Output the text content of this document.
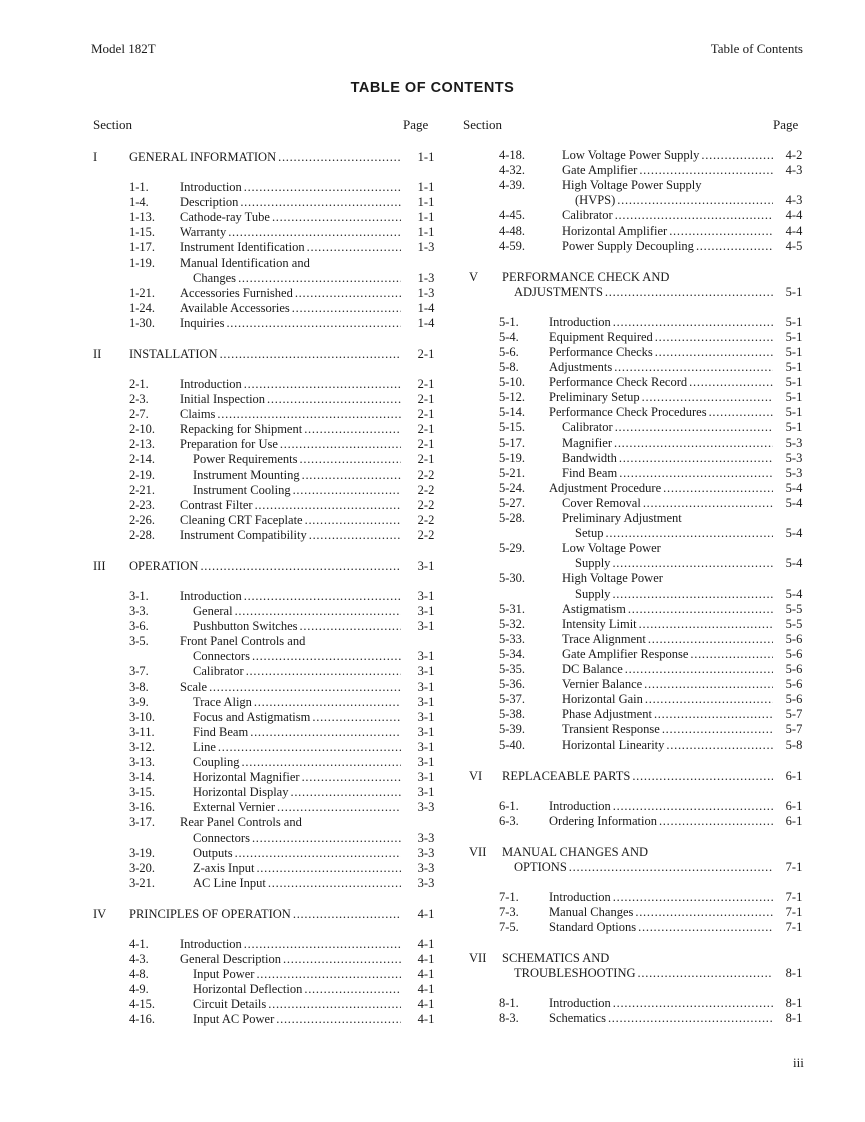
Model 182T	Table of Contents
TABLE OF CONTENTS
Section	Page	Section	Page
I	GENERAL INFORMATION . . .	1-1
1-1. Introduction . . .	1-1
1-4. Description . . .	1-1
1-13. Cathode-ray Tube . . .	1-1
1-15. Warranty . . .	1-1
1-17. Instrument Identification . . .	1-3
1-19. Manual Identification and
Changes . . .	1-3
1-21. Accessories Furnished . . .	1-3
1-24. Available Accessories . . .	1-4
1-30. Inquiries . . .	1-4
II INSTALLATION . . .	2-1
2-1. Introduction . . .	2-1
2-3. Initial Inspection . . .	2-1
2-7. Claims . . .	2-1
2-10. Repacking for Shipment . . .	2-1
2-13. Preparation for Use . . .	2-1
2-14.	Power Requirements . . .	2-1
2-19.	Instrument Mounting . . .	2-2
2-21.	Instrument Cooling . . .	2-2
2-23. Contrast Filter . . .	2-2
2-26. Cleaning CRT Faceplate . . .	2-2
2-28. Instrument Compatibility . . .	2-2
III OPERATION . . .	3-1
3-1. Introduction . . .	3-1
3-3.	General . . .	3-1
3-6.	Pushbutton Switches . . .	3-1
3-5. Front Panel Controls and
Connectors . . .	3-1
3-7.	Calibrator . . .	3-1
3-8. Scale . . .	3-1
3-9.	Trace Align . . .	3-1
3-10.	Focus and Astigmatism . . .	3-1
3-11.	Find Beam . . .	3-1
3-12.	Line . . .	3-1
3-13.	Coupling . . .	3-1
3-14.	Horizontal Magnifier . . .	3-1
3-15.	Horizontal Display . . .	3-1
3-16.	External Vernier . . .	3-3
3-17. Rear Panel Controls and
Connectors . . .	3-3
3-19.	Outputs . . .	3-3
3-20.	Z-axis Input . . .	3-3
3-21.	AC Line Input . . .	3-3
IV PRINCIPLES OF OPERATION . . .	4-1
4-1. Introduction . . .	4-1
4-3. General Description . . .	4-1
4-8.	Input Power . . .	4-1
4-9.	Horizontal Deflection . . .	4-1
4-15.	Circuit Details . . .	4-1
4-16.	Input AC Power . . .	4-1
4-18.	Low Voltage Power Supply . . .	4-2
4-32.	Gate Amplifier . . .	4-3
4-39.	High Voltage Power Supply
(HVPS) . . .	4-3
4-45.	Calibrator . . .	4-4
4-48.	Horizontal Amplifier . . .	4-4
4-59.	Power Supply Decoupling . . .	4-5
V PERFORMANCE CHECK AND
ADJUSTMENTS . . .	5-1
5-1. Introduction . . .	5-1
5-4. Equipment Required . . .	5-1
5-6. Performance Checks . . .	5-1
5-8. Adjustments . . .	5-1
5-10. Performance Check Record . . .	5-1
5-12. Preliminary Setup . . .	5-1
5-14. Performance Check Procedures . . .	5-1
5-15.	Calibrator . . .	5-1
5-17.	Magnifier . . .	5-3
5-19.	Bandwidth . . .	5-3
5-21.	Find Beam . . .	5-3
5-24. Adjustment Procedure . . .	5-4
5-27.	Cover Removal . . .	5-4
5-28.	Preliminary Adjustment
Setup . . .	5-4
5-29.	Low Voltage Power
Supply . . .	5-4
5-30.	High Voltage Power
Supply . . .	5-4
5-31.	Astigmatism . . .	5-5
5-32.	Intensity Limit . . .	5-5
5-33.	Trace Alignment . . .	5-6
5-34.	Gate Amplifier Response . . .	5-6
5-35.	DC Balance . . .	5-6
5-36.	Vernier Balance . . .	5-6
5-37.	Horizontal Gain . . .	5-6
5-38.	Phase Adjustment . . .	5-7
5-39.	Transient Response . . .	5-7
5-40.	Horizontal Linearity . . .	5-8
VI REPLACEABLE PARTS . . .	6-1
6-1. Introduction . . .	6-1
6-3. Ordering Information . . .	6-1
VII MANUAL CHANGES AND
OPTIONS . . .	7-1
7-1. Introduction . . .	7-1
7-3. Manual Changes . . .	7-1
7-5. Standard Options . . .	7-1
VII SCHEMATICS AND
TROUBLESHOOTING . . .	8-1
8-1. Introduction . . .	8-1
8-3. Schematics . . .	8-1
iii
